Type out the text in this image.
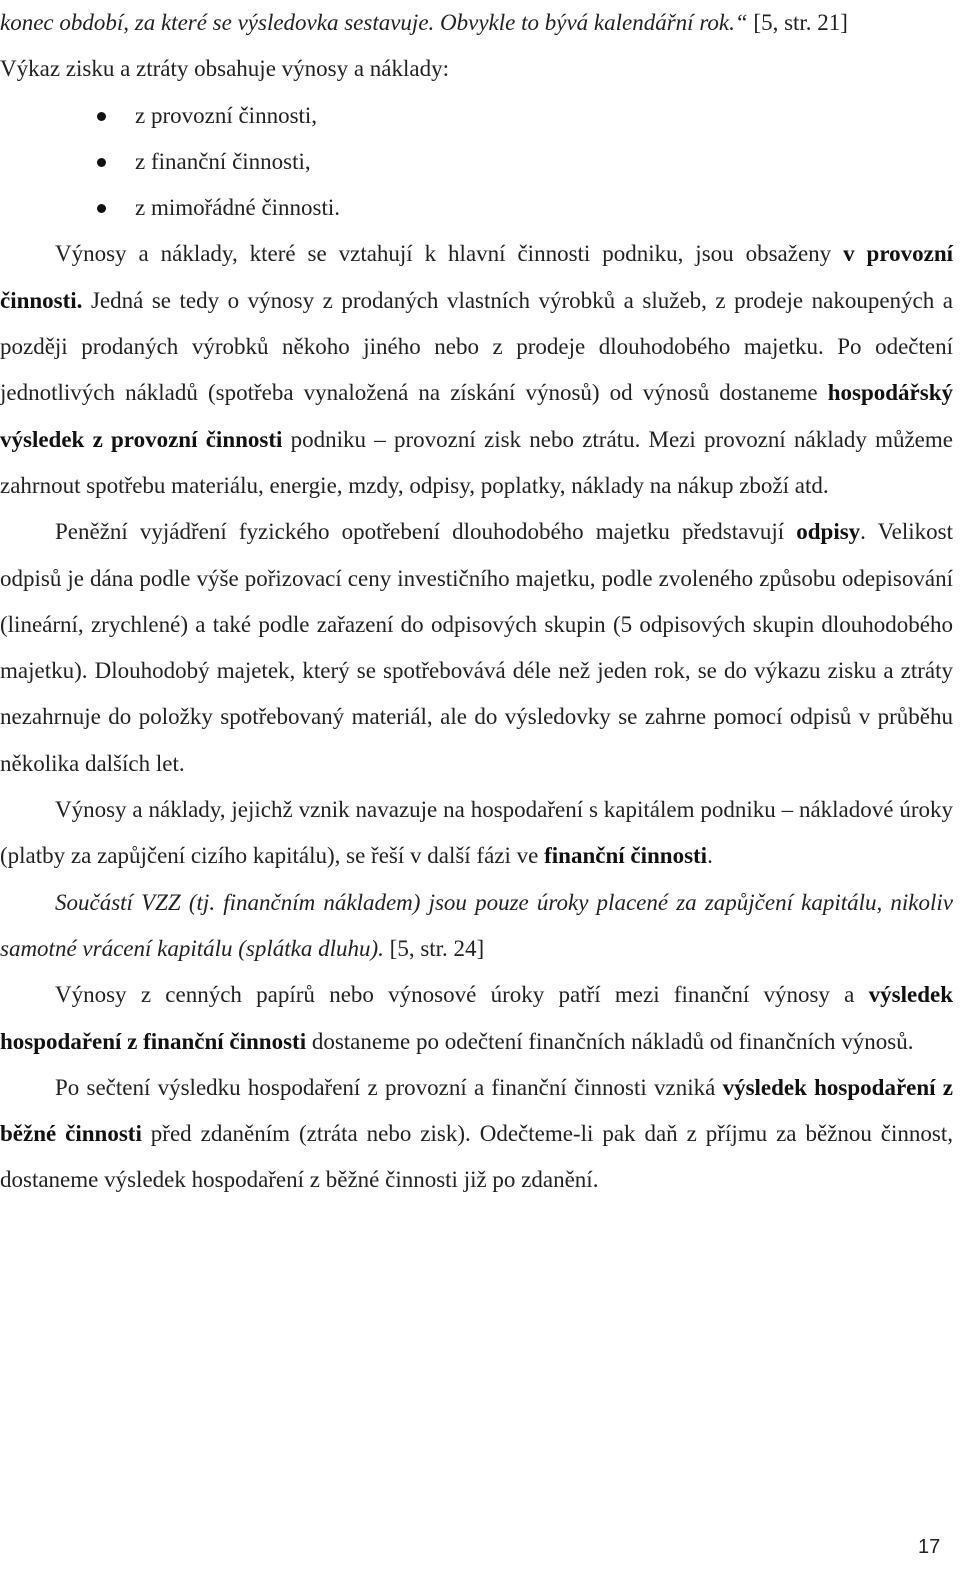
konec období, za které se výsledovka sestavuje. Obvykle to bývá kalendářní rok.“ [5, str. 21]

Výkaz zisku a ztráty obsahuje výnosy a náklady:

z provozní činnosti,
z finanční činnosti,
z mimořádné činnosti.

Výnosy a náklady, které se vztahují k hlavní činnosti podniku, jsou obsaženy v provozní činnosti. Jedná se tedy o výnosy z prodaných vlastních výrobků a služeb, z prodeje nakoupených a později prodaných výrobků někoho jiného nebo z prodeje dlouhodobého majetku. Po odečtení jednotlivých nákladů (spotřeba vynaložená na získání výnosů) od výnosů dostaneme hospodářský výsledek z provozní činnosti podniku – provozní zisk nebo ztrátu. Mezi provozní náklady můžeme zahrnout spotřebu materiálu, energie, mzdy, odpisy, poplatky, náklady na nákup zboží atd.

Peněžní vyjádření fyzického opotřebení dlouhodobého majetku představují odpisy. Velikost odpisů je dána podle výše pořizovací ceny investičního majetku, podle zvoleného způsobu odepisování (lineární, zrychlené) a také podle zařazení do odpisových skupin (5 odpisových skupin dlouhodobého majetku). Dlouhodobý majetek, který se spotřebovává déle než jeden rok, se do výkazu zisku a ztráty nezahrnuje do položky spotřebovaný materiál, ale do výsledovky se zahrne pomocí odpisů v průběhu několika dalších let.

Výnosy a náklady, jejichž vznik navazuje na hospodaření s kapitálem podniku – nákladové úroky (platby za zapůjčení cizího kapitálu), se řeší v další fázi ve finanční činnosti.

Součástí VZZ (tj. finančním nákladem) jsou pouze úroky placené za zapůjčení kapitálu, nikoliv samotné vrácení kapitálu (splátka dluhu). [5, str. 24]

Výnosy z cenných papírů nebo výnosové úroky patří mezi finanční výnosy a výsledek hospodaření z finanční činnosti dostaneme po odečtení finančních nákladů od finančních výnosů.

Po sečtení výsledku hospodaření z provozní a finanční činnosti vzniká výsledek hospodaření z běžné činnosti před zdaněním (ztráta nebo zisk). Odečteme-li pak daň z příjmu za běžnou činnost, dostaneme výsledek hospodaření z běžné činnosti již po zdanění.

17
